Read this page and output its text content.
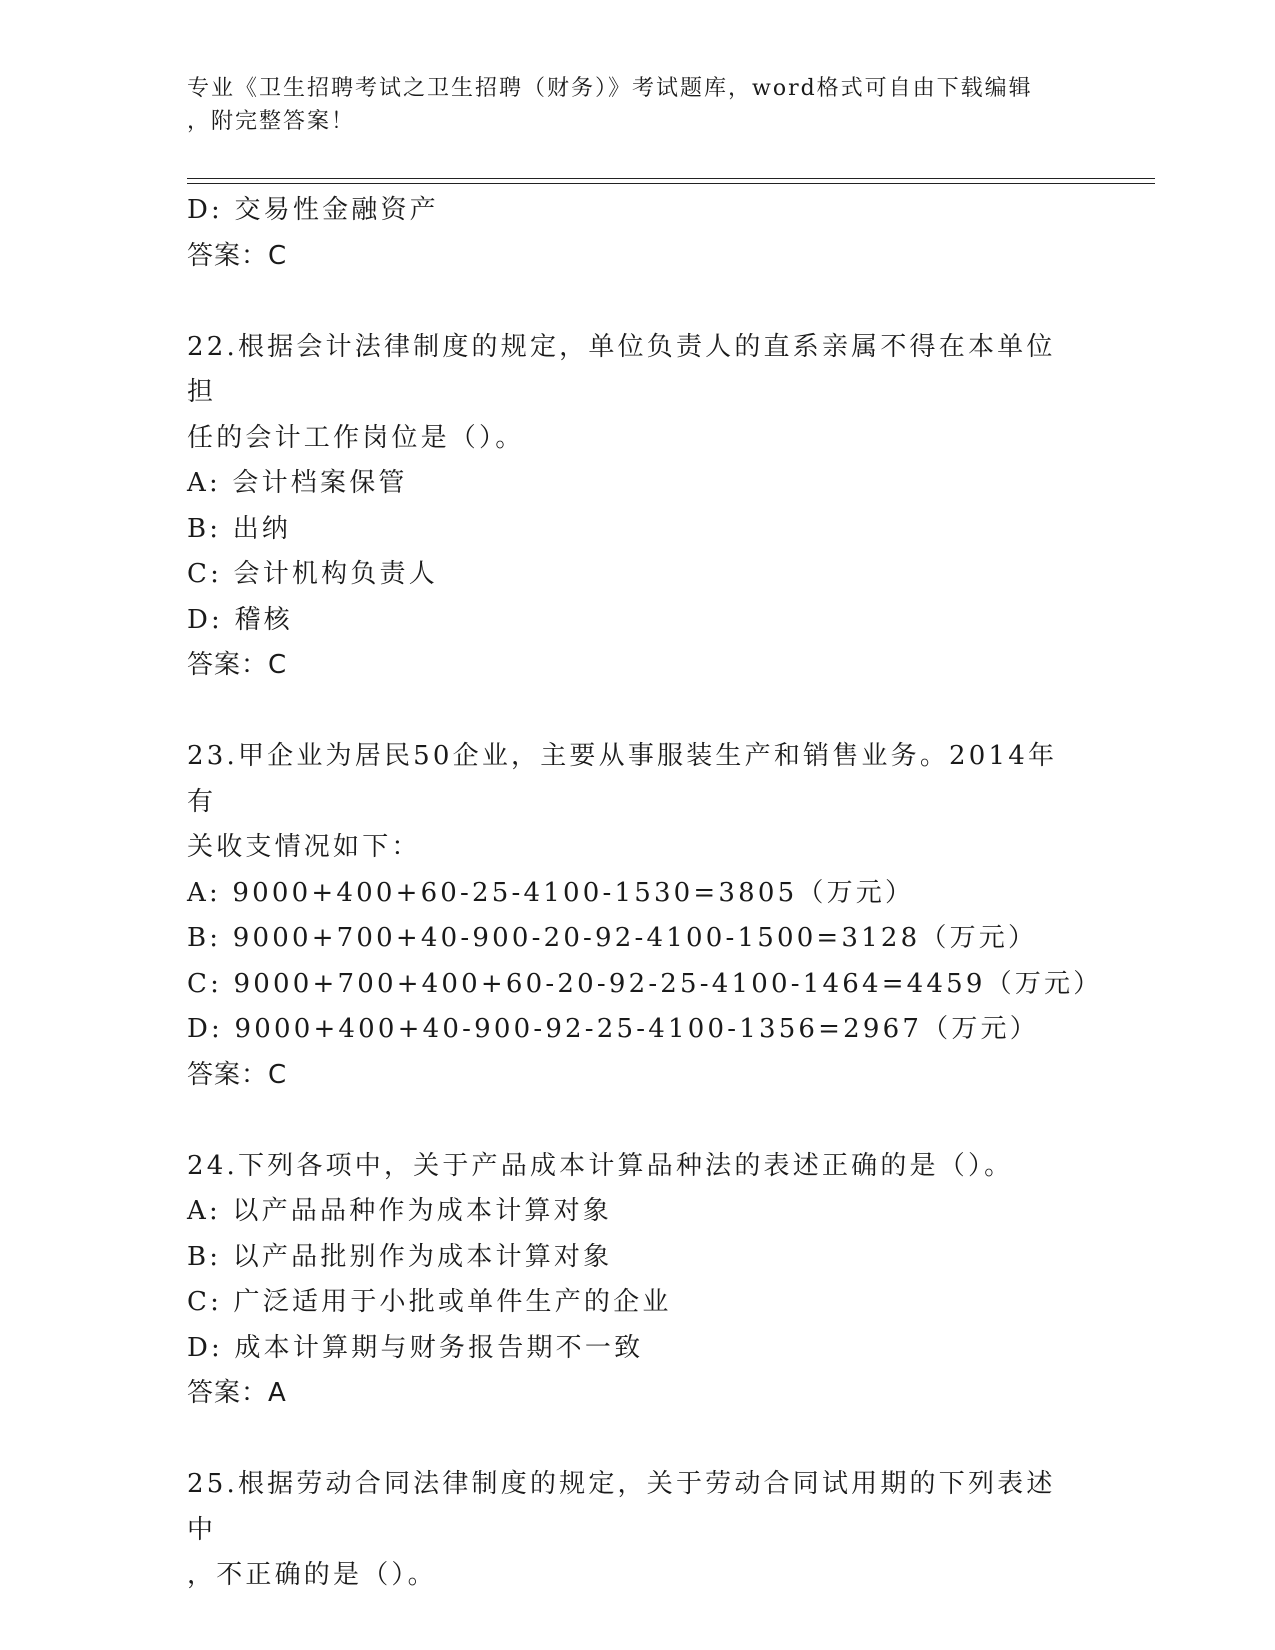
专业《卫生招聘考试之卫生招聘（财务）》考试题库，word格式可自由下载编辑
，附完整答案！
D: 交易性金融资产
答案：C
22.根据会计法律制度的规定，单位负责人的直系亲属不得在本单位担
任的会计工作岗位是（）。
A: 会计档案保管
B: 出纳
C: 会计机构负责人
D: 稽核
答案：C
23.甲企业为居民50企业，主要从事服装生产和销售业务。2014年有
关收支情况如下：
A: 9000+400+60-25-4100-1530=3805（万元）
B: 9000+700+40-900-20-92-4100-1500=3128（万元）
C: 9000+700+400+60-20-92-25-4100-1464=4459（万元）
D: 9000+400+40-900-92-25-4100-1356=2967（万元）
答案：C
24.下列各项中，关于产品成本计算品种法的表述正确的是（）。
A: 以产品品种作为成本计算对象
B: 以产品批别作为成本计算对象
C: 广泛适用于小批或单件生产的企业
D: 成本计算期与财务报告期不一致
答案：A
25.根据劳动合同法律制度的规定，关于劳动合同试用期的下列表述中
，不正确的是（）。
